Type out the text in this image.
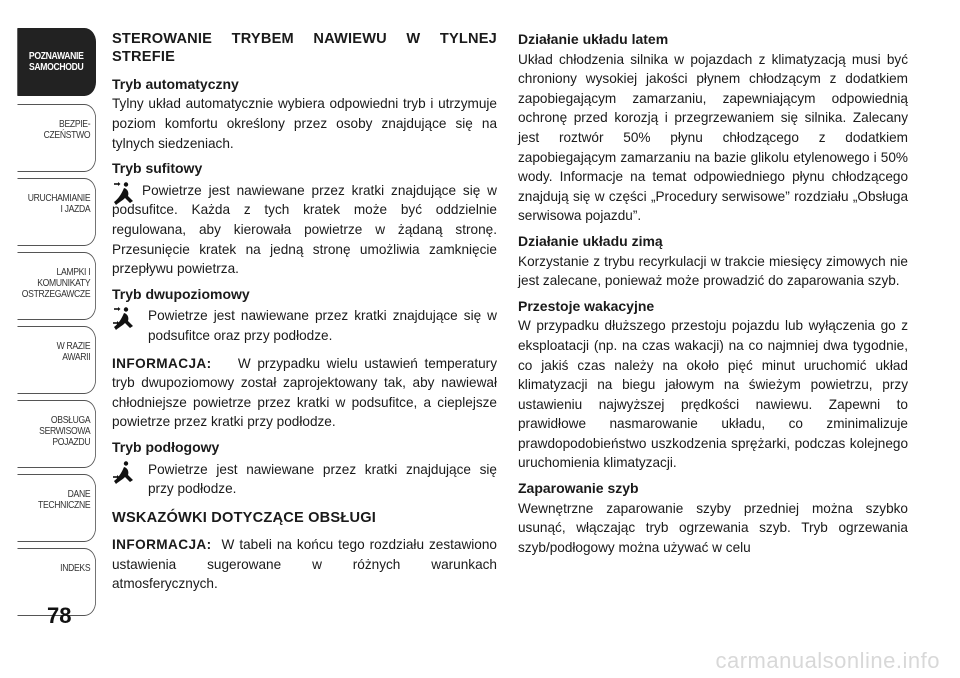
POZNAWANIE
SAMOCHODU
BEZPIE-
CZEŃSTWO
URUCHAMIANIE
I JAZDA
LAMPKI I
KOMUNIKATY
OSTRZEGAWCZE
W RAZIE
AWARII
OBSŁUGA
SERWISOWA
POJAZDU
DANE
TECHNICZNE
INDEKS
78
STEROWANIE TRYBEM NAWIEWU W TYLNEJ STREFIE
Tryb automatyczny

Tylny układ automatycznie wybiera odpowiedni tryb i utrzymuje poziom komfortu określony przez osoby znajdujące się na tylnych siedzeniach.

Tryb sufitowy
Powietrze jest nawiewane przez kratki znajdujące się w podsufitce. Każda z tych kratek może być oddzielnie regulowana, aby kierowała powietrze w żądaną stronę. Przesunięcie kratek na jedną stronę umożliwia zamknięcie przepływu powietrza.
Tryb dwupoziomowy
Powietrze jest nawiewane przez kratki znajdujące się w podsufitce oraz przy podłodze.

INFORMACJA: W przypadku wielu ustawień temperatury tryb dwupoziomowy został zaprojektowany tak, aby nawiewał chłodniejsze powietrze przez kratki w podsufitce, a cieplejsze powietrze przez kratki przy podłodze.

Tryb podłogowy
Powietrze jest nawiewane przez kratki znajdujące się przy podłodze.
WSKAZÓWKI DOTYCZĄCE OBSŁUGI

INFORMACJA: W tabeli na końcu tego rozdziału zestawiono ustawienia sugerowane w różnych warunkach atmosferycznych.

Działanie układu latem

Układ chłodzenia silnika w pojazdach z klimatyzacją musi być chroniony wysokiej jakości płynem chłodzącym z dodatkiem zapobiegającym zamarzaniu, zapewniającym odpowiednią ochronę przed korozją i przegrzewaniem się silnika. Zalecany jest roztwór 50% płynu chłodzącego z dodatkiem zapobiegającym zamarzaniu na bazie glikolu etylenowego i 50% wody. Informacje na temat odpowiedniego płynu chłodzącego znajdują się w części „Procedury serwisowe” rozdziału „Obsługa serwisowa pojazdu”.

Działanie układu zimą

Korzystanie z trybu recyrkulacji w trakcie miesięcy zimowych nie jest zalecane, ponieważ może prowadzić do zaparowania szyb.

Przestoje wakacyjne

W przypadku dłuższego przestoju pojazdu lub wyłączenia go z eksploatacji (np. na czas wakacji) na co najmniej dwa tygodnie, co jakiś czas należy na około pięć minut uruchomić układ klimatyzacji na biegu jałowym na świeżym powietrzu, przy ustawieniu najwyższej prędkości nawiewu. Zapewni to prawidłowe nasmarowanie układu, co zminimalizuje prawdopodobieństwo uszkodzenia sprężarki, podczas kolejnego uruchomienia klimatyzacji.

Zaparowanie szyb

Wewnętrzne zaparowanie szyby przedniej można szybko usunąć, włączając tryb ogrzewania szyb. Tryb ogrzewania szyb/podłogowy można używać w celu

carmanualsonline.info
